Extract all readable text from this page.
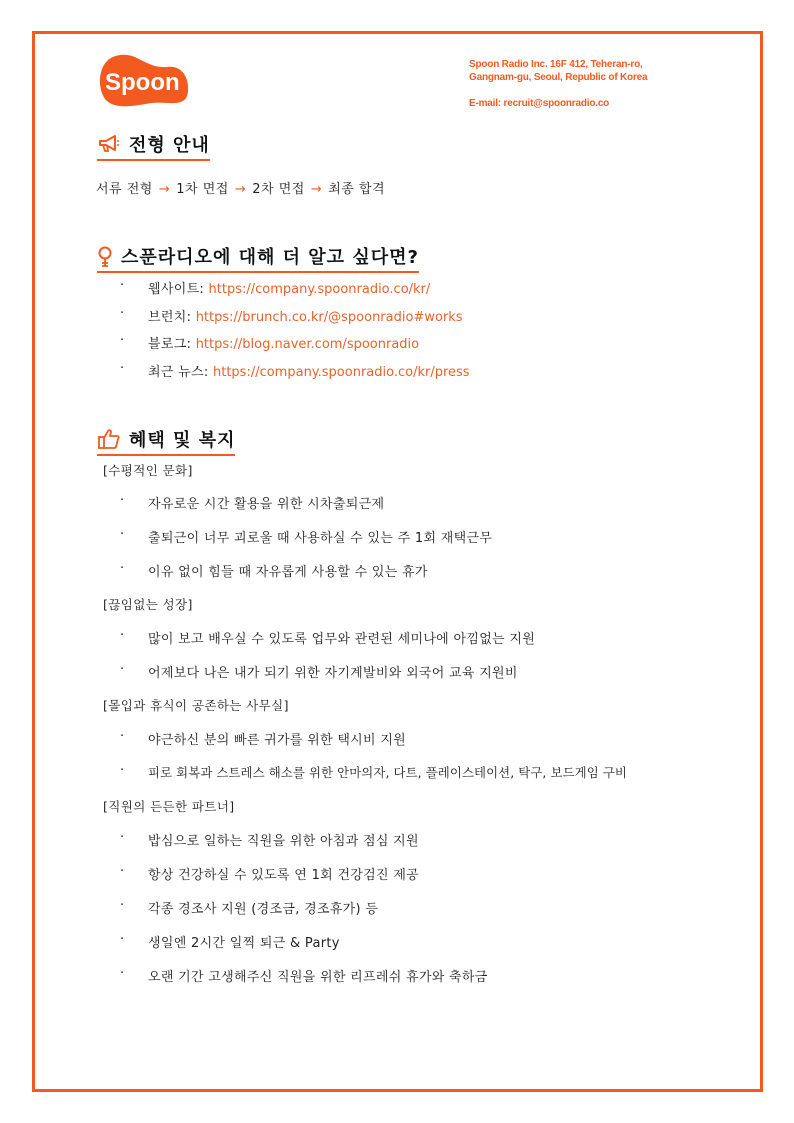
Spoon
Spoon Radio Inc. 16F 412, Teheran-ro,
Gangnam-gu, Seoul, Republic of Korea
E-mail: recruit@spoonradio.co
전형 안내
서류 전형 → 1차 면접 → 2차 면접 → 최종 합격
스푼라디오에 대해 더 알고 싶다면?
· 웹사이트: https://company.spoonradio.co/kr/
· 브런치: https://brunch.co.kr/@spoonradio#works
· 블로그: https://blog.naver.com/spoonradio
· 최근 뉴스: https://company.spoonradio.co/kr/press
혜택 및 복지
[수평적인 문화]
· 자유로운 시간 활용을 위한 시차출퇴근제
· 출퇴근이 너무 괴로울 때 사용하실 수 있는 주 1회 재택근무
· 이유 없이 힘들 때 자유롭게 사용할 수 있는 휴가
[끊임없는 성장]
· 많이 보고 배우실 수 있도록 업무와 관련된 세미나에 아낌없는 지원
· 어제보다 나은 내가 되기 위한 자기계발비와 외국어 교육 지원비
[몰입과 휴식이 공존하는 사무실]
· 야근하신 분의 빠른 귀가를 위한 택시비 지원
· 피로 회복과 스트레스 해소를 위한 안마의자, 다트, 플레이스테이션, 탁구, 보드게임 구비
[직원의 든든한 파트너]
· 밥심으로 일하는 직원을 위한 아침과 점심 지원
· 항상 건강하실 수 있도록 연 1회 건강검진 제공
· 각종 경조사 지원 (경조금, 경조휴가) 등
· 생일엔 2시간 일찍 퇴근 & Party
· 오랜 기간 고생해주신 직원을 위한 리프레쉬 휴가와 축하금
